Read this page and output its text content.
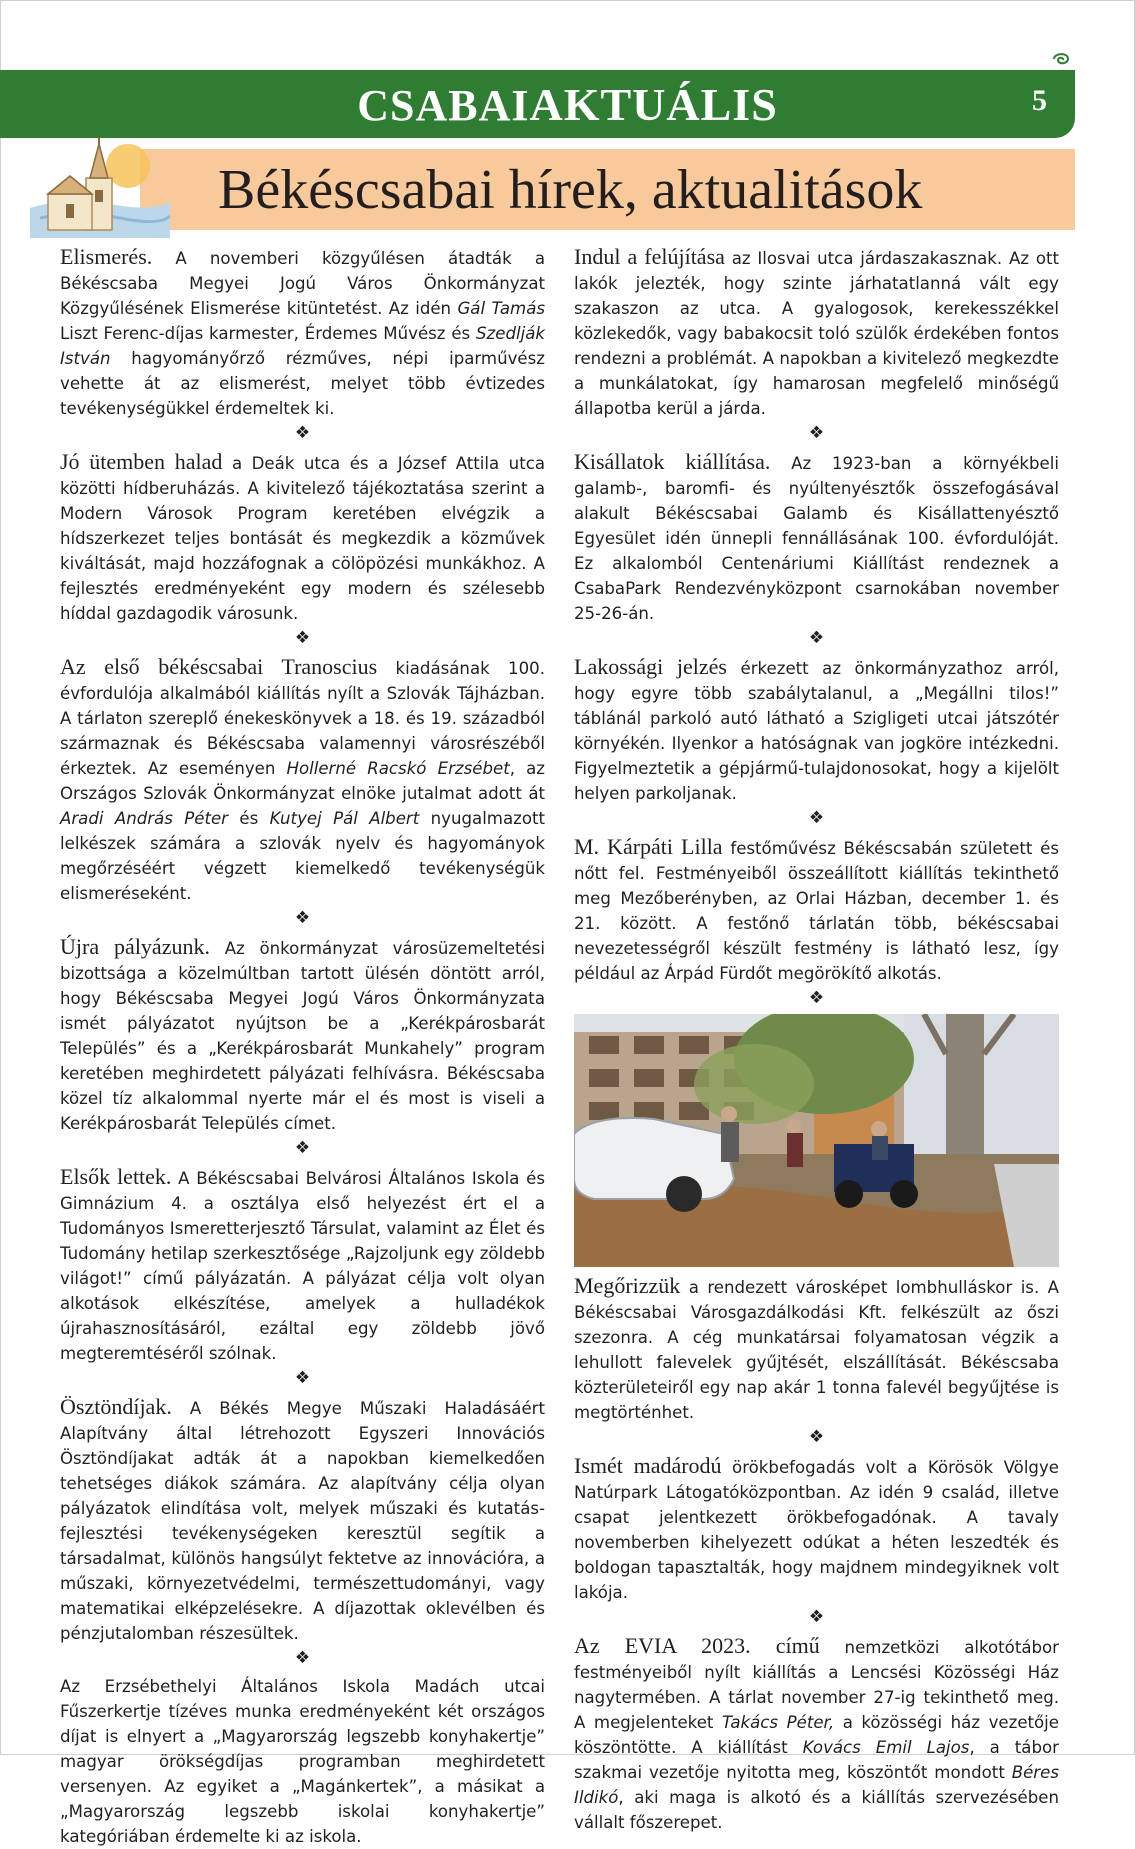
CSABAIAKTUÁLIS	5
Békéscsabai hírek, aktualitások

Elismerés. A novemberi közgyűlésen átadták a Békéscsaba Megyei Jogú Város Önkormányzat Közgyűlésének Elismerése kitüntetést. Az idén Gál Tamás Liszt Ferenc-díjas karmester, Érdemes Művész és Szedlják István hagyományőrző rézműves, népi iparművész vehette át az elismerést, melyet több évtizedes tevékenységükkel érdemeltek ki.

❖

Jó ütemben halad a Deák utca és a József Attila utca közötti hídberuházás. A kivitelező tájékoztatása szerint a Modern Városok Program keretében elvégzik a hídszerkezet teljes bontását és megkezdik a közművek kiváltását, majd hozzáfognak a cölöpözési munkákhoz. A fejlesztés eredményeként egy modern és szélesebb híddal gazdagodik városunk.

❖

Az első békéscsabai Tranoscius kiadásának 100. évfordulója alkalmából kiállítás nyílt a Szlovák Tájházban. A tárlaton szereplő énekeskönyvek a 18. és 19. századból származnak és Békéscsaba valamennyi városrészéből érkeztek. Az eseményen Hollerné Racskó Erzsébet, az Országos Szlovák Önkormányzat elnöke jutalmat adott át Aradi András Péter és Kutyej Pál Albert nyugalmazott lelkészek számára a szlovák nyelv és hagyományok megőrzéséért végzett kiemelkedő tevékenységük elismeréseként.

❖

Újra pályázunk. Az önkormányzat városüzemeltetési bizottsága a közelmúltban tartott ülésén döntött arról, hogy Békéscsaba Megyei Jogú Város Önkormányzata ismét pályázatot nyújtson be a „Kerékpárosbarát Település” és a „Kerékpárosbarát Munkahely” program keretében meghirdetett pályázati felhívásra. Békéscsaba közel tíz alkalommal nyerte már el és most is viseli a Kerékpárosbarát Település címet.

❖

Elsők lettek. A Békéscsabai Belvárosi Általános Iskola és Gimnázium 4. a osztálya első helyezést ért el a Tudományos Ismeretterjesztő Társulat, valamint az Élet és Tudomány hetilap szerkesztősége „Rajzoljunk egy zöldebb világot!” című pályázatán. A pályázat célja volt olyan alkotások elkészítése, amelyek a hulladékok újrahasznosításáról, ezáltal egy zöldebb jövő megteremtéséről szólnak.

❖

Ösztöndíjak. A Békés Megye Műszaki Haladásáért Alapítvány által létrehozott Egyszeri Innovációs Ösztöndíjakat adták át a napokban kiemelkedően tehetséges diákok számára. Az alapítvány célja olyan pályázatok elindítása volt, melyek műszaki és kutatás-fejlesztési tevékenységeken keresztül segítik a társadalmat, különös hangsúlyt fektetve az innovációra, a műszaki, környezetvédelmi, természettudományi, vagy matematikai elképzelésekre. A díjazottak oklevélben és pénzjutalomban részesültek.

❖

Az Erzsébethelyi Általános Iskola Madách utcai Fűszerkertje tízéves munka eredményeként két országos díjat is elnyert a „Magyarország legszebb konyhakertje” magyar örökségdíjas programban meghirdetett versenyen. Az egyiket a „Magánkertek”, a másikat a „Magyarország legszebb iskolai konyhakertje” kategóriában érdemelte ki az iskola.

Indul a felújítása az Ilosvai utca járdaszakasznak. Az ott lakók jelezték, hogy szinte járhatatlanná vált egy szakaszon az utca. A gyalogosok, kerekesszékkel közlekedők, vagy babakocsit toló szülők érdekében fontos rendezni a problémát. A napokban a kivitelező megkezdte a munkálatokat, így hamarosan megfelelő minőségű állapotba kerül a járda.

❖

Kisállatok kiállítása. Az 1923-ban a környékbeli galamb-, baromfi- és nyúltenyésztők összefogásával alakult Békéscsabai Galamb és Kisállattenyésztő Egyesület idén ünnepli fennállásának 100. évfordulóját. Ez alkalomból Centenáriumi Kiállítást rendeznek a CsabaPark Rendezvényközpont csarnokában november 25-26-án.

❖

Lakossági jelzés érkezett az önkormányzathoz arról, hogy egyre több szabálytalanul, a „Megállni tilos!” táblánál parkoló autó látható a Szigligeti utcai játszótér környékén. Ilyenkor a hatóságnak van jogköre intézkedni. Figyelmeztetik a gépjármű-tulajdonosokat, hogy a kijelölt helyen parkoljanak.

❖

M. Kárpáti Lilla festőművész Békéscsabán született és nőtt fel. Festményeiből összeállított kiállítás tekinthető meg Mezőberényben, az Orlai Házban, december 1. és 21. között. A festőnő tárlatán több, békéscsabai nevezetességről készült festmény is látható lesz, így például az Árpád Fürdőt megörökítő alkotás.

❖

Megőrizzük a rendezett városképet lombhulláskor is. A Békéscsabai Városgazdálkodási Kft. felkészült az őszi szezonra. A cég munkatársai folyamatosan végzik a lehullott falevelek gyűjtését, elszállítását. Békéscsaba közterületeiről egy nap akár 1 tonna falevél begyűjtése is megtörténhet.

❖

Ismét madárodú örökbefogadás volt a Körösök Völgye Natúrpark Látogatóközpontban. Az idén 9 család, illetve csapat jelentkezett örökbefogadónak. A tavaly novemberben kihelyezett odúkat a héten leszedték és boldogan tapasztalták, hogy majdnem mindegyiknek volt lakója.

❖

Az EVIA 2023. című nemzetközi alkotótábor festményeiből nyílt kiállítás a Lencsési Közösségi Ház nagytermében. A tárlat november 27-ig tekinthető meg. A megjelenteket Takács Péter, a közösségi ház vezetője köszöntötte. A kiállítást Kovács Emil Lajos, a tábor szakmai vezetője nyitotta meg, köszöntőt mondott Béres Ildikó, aki maga is alkotó és a kiállítás szervezésében vállalt főszerepet.
